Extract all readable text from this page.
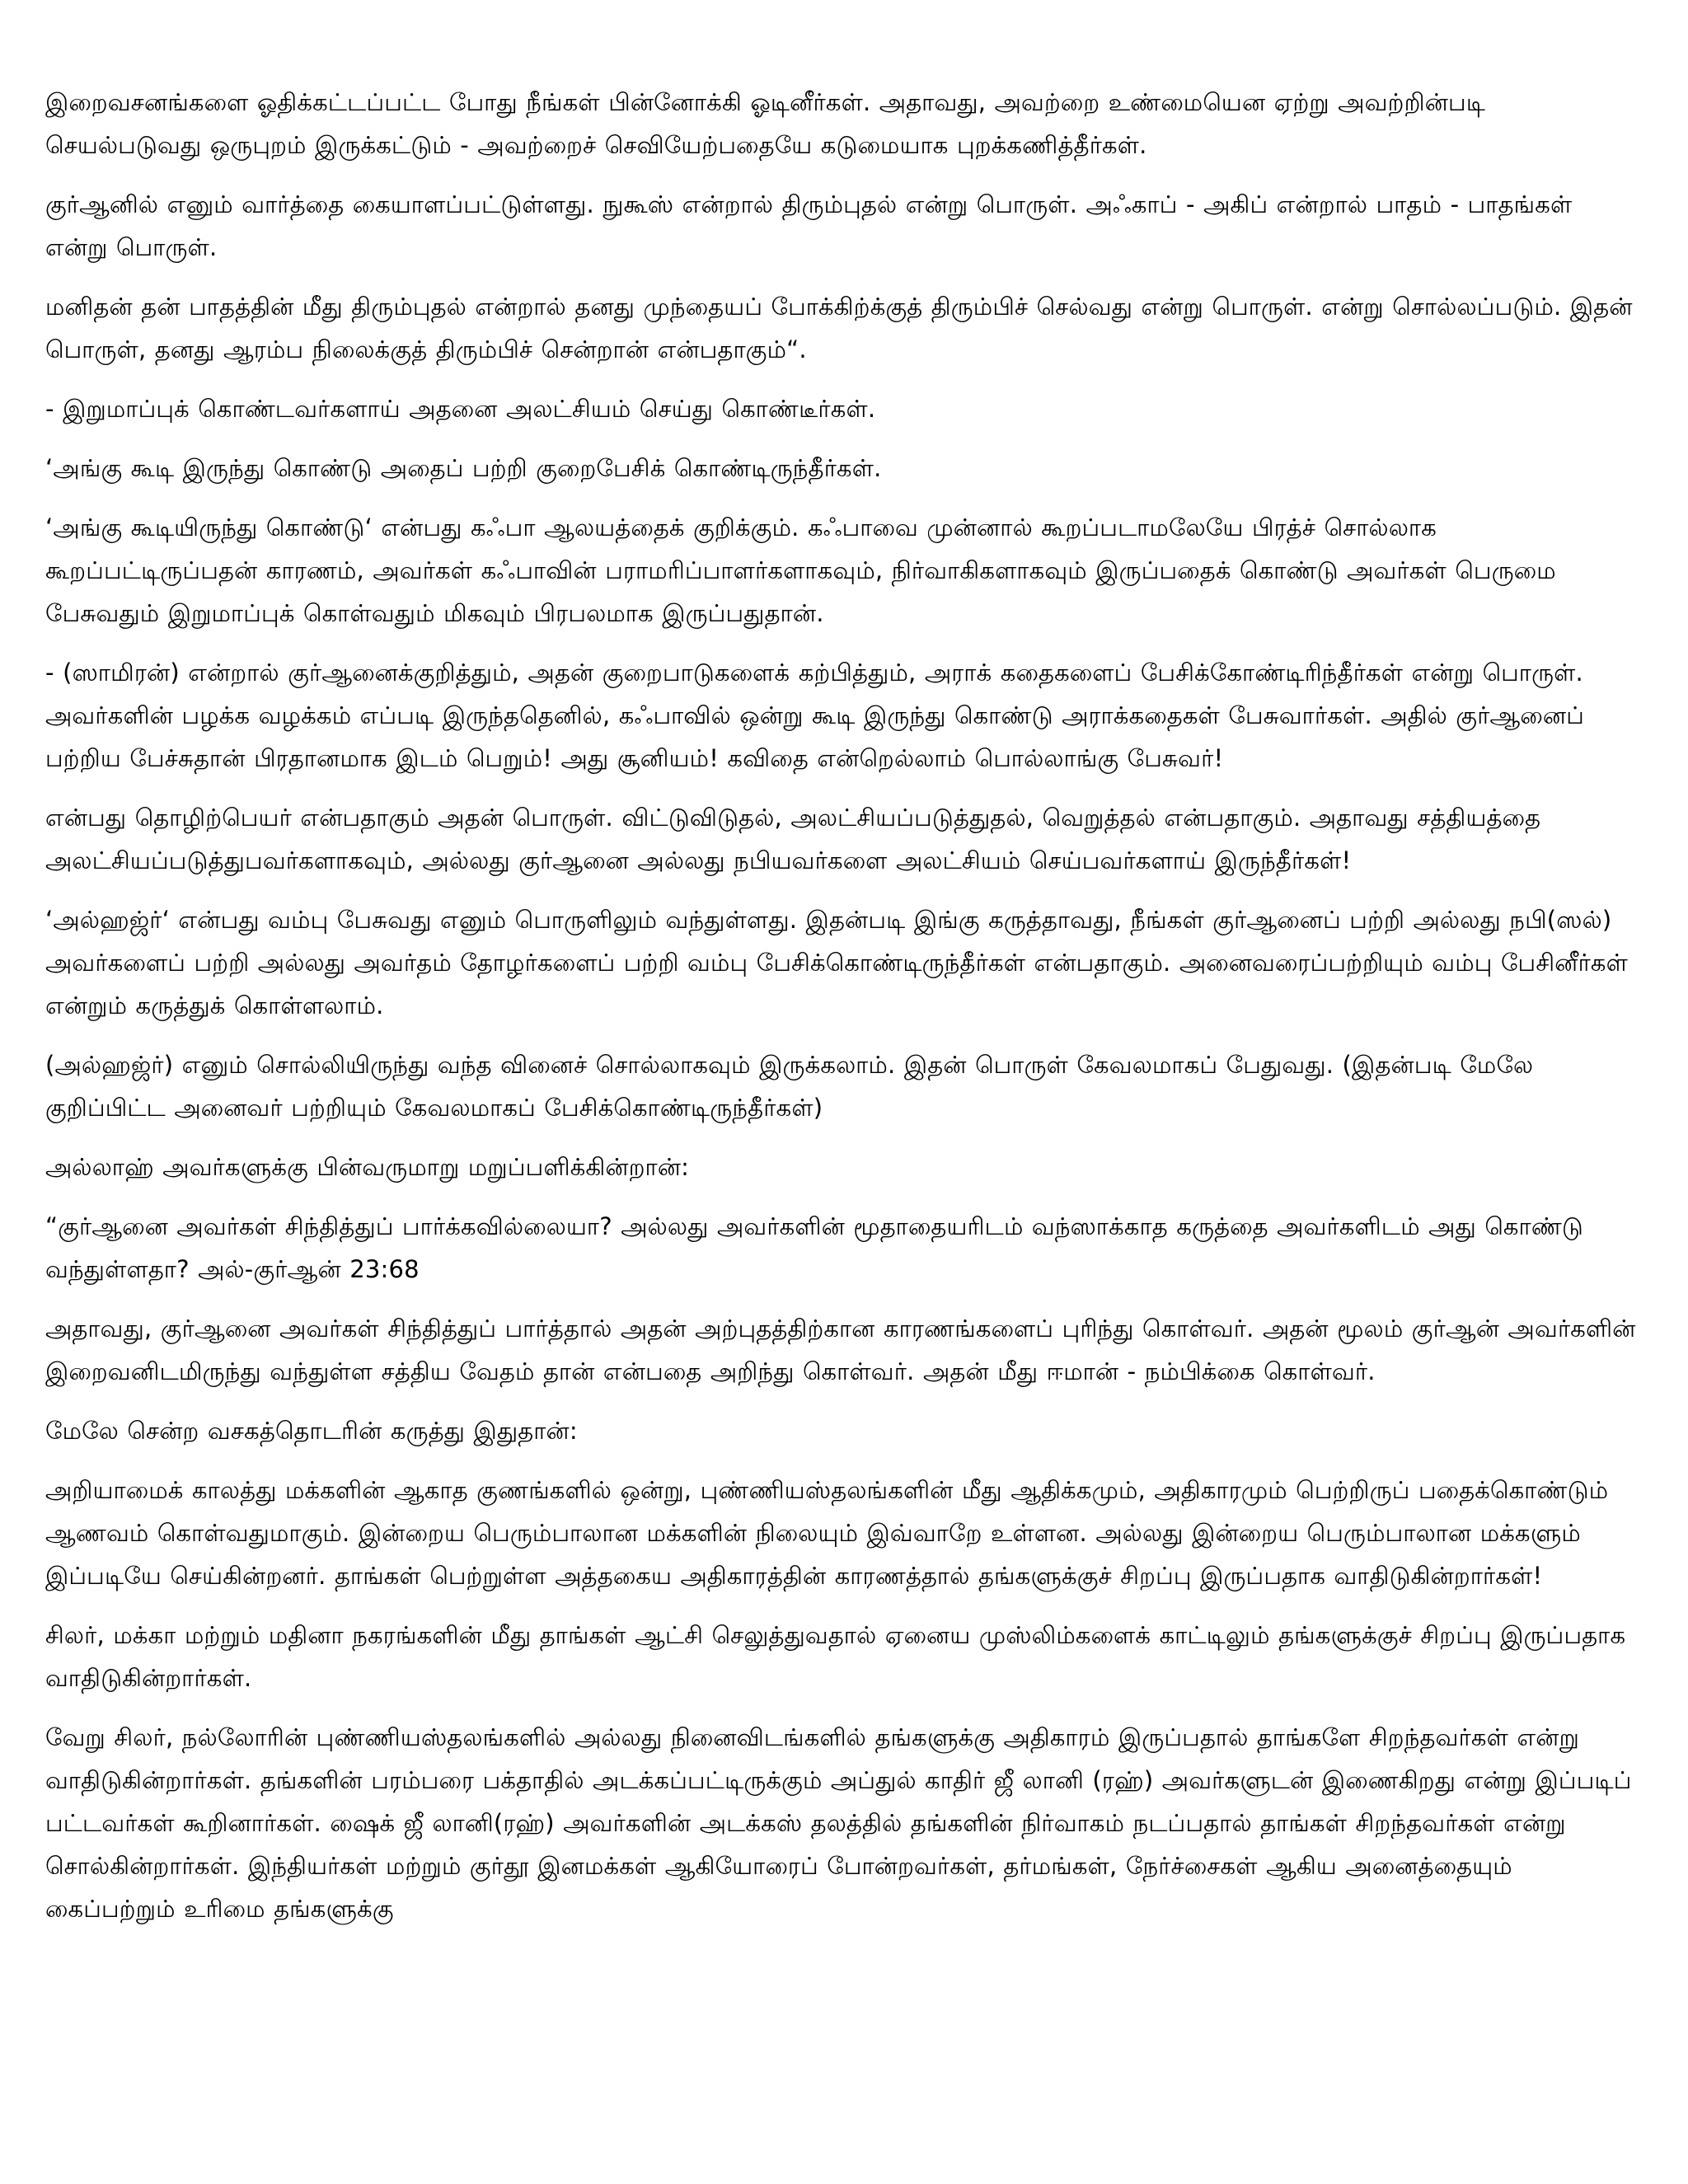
இறைவசனங்களை ஓதிக்கட்டப்பட்ட போது நீங்கள் பின்னோக்கி ஓடினீர்கள். அதாவது, அவற்றை உண்மையென ஏற்று அவற்றின்படி செயல்படுவது ஒருபுறம் இருக்கட்டும் - அவற்றைச் செவியேற்பதையே கடுமையாக புறக்கணித்தீர்கள்.

குர்ஆனில் எனும் வார்த்தை கையாளப்பட்டுள்ளது. நுகூஸ் என்றால் திரும்புதல் என்று பொருள். அஃகாப் - அகிப் என்றால் பாதம் - பாதங்கள் என்று பொருள்.

மனிதன் தன் பாதத்தின் மீது திரும்புதல் என்றால் தனது முந்தையப் போக்கிற்க்குத் திரும்பிச் செல்வது என்று பொருள். என்று சொல்லப்படும். இதன் பொருள், தனது ஆரம்ப நிலைக்குத் திரும்பிச் சென்றான் என்பதாகும்“.

- இறுமாப்புக் கொண்டவர்களாய் அதனை அலட்சியம் செய்து கொண்டீர்கள்.

‘அங்கு கூடி இருந்து கொண்டு அதைப் பற்றி குறைபேசிக் கொண்டிருந்தீர்கள்.

‘அங்கு கூடியிருந்து கொண்டு‘ என்பது கஃபா ஆலயத்தைக் குறிக்கும். கஃபாவை முன்னால் கூறப்படாமலேயே பிரத்ச் சொல்லாக கூறப்பட்டிருப்பதன் காரணம், அவர்கள் கஃபாவின் பராமரிப்பாளர்களாகவும், நிர்வாகிகளாகவும் இருப்பதைக் கொண்டு அவர்கள் பெருமை பேசுவதும் இறுமாப்புக் கொள்வதும் மிகவும் பிரபலமாக இருப்பதுதான்.

- (ஸாமிரன்) என்றால் குர்ஆனைக்குறித்தும், அதன் குறைபாடுகளைக் கற்பித்தும், அராக் கதைகளைப் பேசிக்கோண்டிரிந்தீர்கள் என்று பொருள். அவர்களின் பழக்க வழக்கம் எப்படி இருந்ததெனில், கஃபாவில் ஒன்று கூடி இருந்து கொண்டு அராக்கதைகள் பேசுவார்கள். அதில் குர்ஆனைப் பற்றிய பேச்சுதான் பிரதானமாக இடம் பெறும்! அது சூனியம்! கவிதை என்றெல்லாம் பொல்லாங்கு பேசுவர்!

என்பது தொழிற்பெயர் என்பதாகும் அதன் பொருள். விட்டுவிடுதல், அலட்சியப்படுத்துதல், வெறுத்தல் என்பதாகும். அதாவது சத்தியத்தை அலட்சியப்படுத்துபவர்களாகவும், அல்லது குர்ஆனை அல்லது நபியவர்களை அலட்சியம் செய்பவர்களாய் இருந்தீர்கள்!

‘அல்ஹஜ்ர்‘ என்பது வம்பு பேசுவது எனும் பொருளிலும் வந்துள்ளது. இதன்படி இங்கு கருத்தாவது, நீங்கள் குர்ஆனைப் பற்றி அல்லது நபி(ஸல்) அவர்களைப் பற்றி அல்லது அவர்தம் தோழர்களைப் பற்றி வம்பு பேசிக்கொண்டிருந்தீர்கள் என்பதாகும். அனைவரைப்பற்றியும் வம்பு பேசினீர்கள் என்றும் கருத்துக் கொள்ளலாம்.

(அல்ஹஜ்ர்) எனும் சொல்லியிருந்து வந்த வினைச் சொல்லாகவும் இருக்கலாம். இதன் பொருள் கேவலமாகப் பேதுவது. (இதன்படி மேலே குறிப்பிட்ட அனைவர் பற்றியும் கேவலமாகப் பேசிக்கொண்டிருந்தீர்கள்)

அல்லாஹ் அவர்களுக்கு பின்வருமாறு மறுப்பளிக்கின்றான்:

“குர்ஆனை அவர்கள் சிந்தித்துப் பார்க்கவில்லையா? அல்லது அவர்களின் மூதாதையரிடம் வந்ஸாக்காத கருத்தை அவர்களிடம் அது கொண்டு வந்துள்ளதா? அல்-குர்ஆன் 23:68

அதாவது, குர்ஆனை அவர்கள் சிந்தித்துப் பார்த்தால் அதன் அற்புதத்திற்கான காரணங்களைப் புரிந்து கொள்வர். அதன் மூலம் குர்ஆன் அவர்களின் இறைவனிடமிருந்து வந்துள்ள சத்திய வேதம் தான் என்பதை அறிந்து கொள்வர். அதன் மீது ஈமான் - நம்பிக்கை கொள்வர்.

மேலே சென்ற வசகத்தொடரின் கருத்து இதுதான்:

அறியாமைக் காலத்து மக்களின் ஆகாத குணங்களில் ஒன்று, புண்ணியஸ்தலங்களின் மீது ஆதிக்கமும், அதிகாரமும் பெற்றிருப் பதைக்கொண்டும் ஆணவம் கொள்வதுமாகும். இன்றைய பெரும்பாலான மக்களின் நிலையும் இவ்வாறே உள்ளன. அல்லது இன்றைய பெரும்பாலான மக்களும் இப்படியே செய்கின்றனர். தாங்கள் பெற்றுள்ள அத்தகைய அதிகாரத்தின் காரணத்தால் தங்களுக்குச் சிறப்பு இருப்பதாக வாதிடுகின்றார்கள்!

சிலர், மக்கா மற்றும் மதினா நகரங்களின் மீது தாங்கள் ஆட்சி செலுத்துவதால் ஏனைய முஸ்லிம்களைக் காட்டிலும் தங்களுக்குச் சிறப்பு இருப்பதாக வாதிடுகின்றார்கள்.

வேறு சிலர், நல்லோரின் புண்ணியஸ்தலங்களில் அல்லது நினைவிடங்களில் தங்களுக்கு அதிகாரம் இருப்பதால் தாங்களே சிறந்தவர்கள் என்று வாதிடுகின்றார்கள். தங்களின் பரம்பரை பக்தாதில் அடக்கப்பட்டிருக்கும் அப்துல் காதிர் ஜீ லானி (ரஹ்) அவர்களுடன் இணைகிறது என்று இப்படிப் பட்டவர்கள் கூறினார்கள். ஷைக் ஜீ லானி(ரஹ்) அவர்களின் அடக்கஸ் தலத்தில் தங்களின் நிர்வாகம் நடப்பதால் தாங்கள் சிறந்தவர்கள் என்று சொல்கின்றார்கள். இந்தியர்கள் மற்றும் குர்தூ இனமக்கள் ஆகியோரைப் போன்றவர்கள், தர்மங்கள், நேர்ச்சைகள் ஆகிய அனைத்தையும் கைப்பற்றும் உரிமை தங்களுக்கு
